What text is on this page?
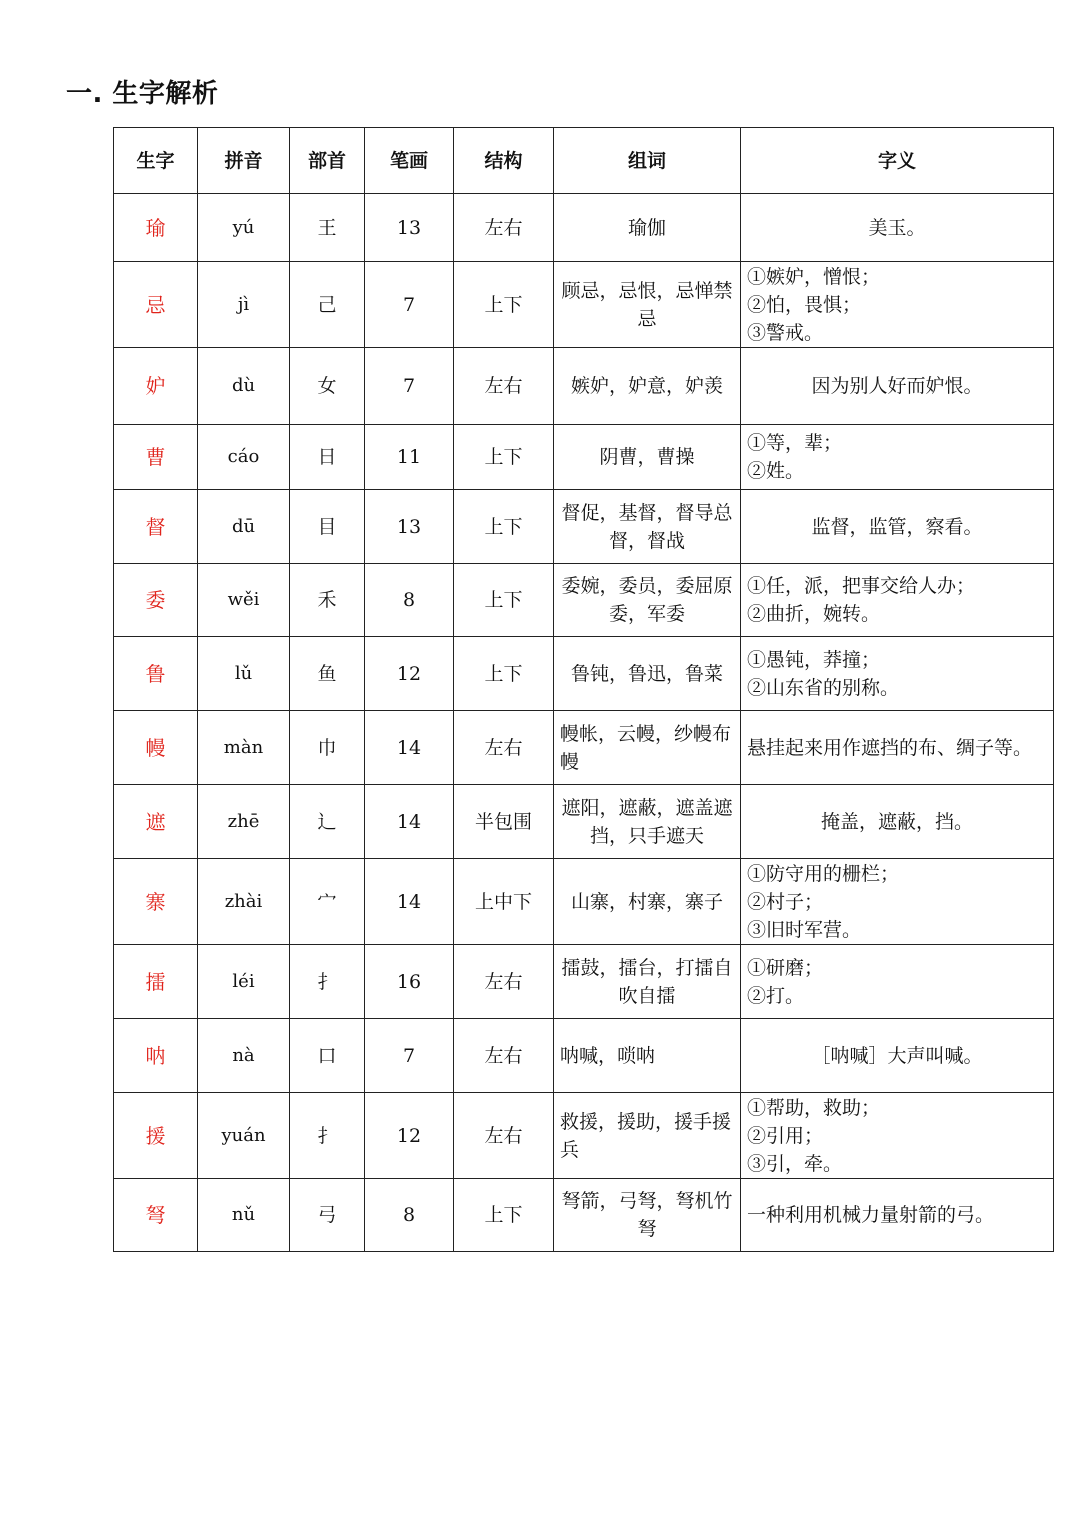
一. 生字解析
生字	拼音	部首	笔画	结构	组词	字义
瑜	yú	王	13	左右	瑜伽	美玉。

忌	jì	己	7	上下	顾忌，忌恨，忌惮禁忌	①嫉妒，憎恨；
②怕，畏惧；
③警戒。

妒	dù	女	7	左右	嫉妒，妒意，妒羡	因为别人好而妒恨。

曹	cáo	日	11	上下	阴曹，曹操	①等，辈；
②姓。

督	dū	目	13	上下	督促，基督，督导总督，督战	监督，监管，察看。

委	wěi	禾	8	上下	委婉，委员，委屈原委，军委	①任，派，把事交给人办；
②曲折，婉转。

鲁	lǔ	鱼	12	上下	鲁钝，鲁迅，鲁菜	①愚钝，莽撞；
②山东省的别称。

幔	màn	巾	14	左右	幔帐，云幔，纱幔布幔	悬挂起来用作遮挡的布、绸子等。

遮	zhē	辶	14	半包围	遮阳，遮蔽，遮盖遮挡，只手遮天	掩盖，遮蔽，挡。

寨	zhài	宀	14	上中下	山寨，村寨，寨子	①防守用的栅栏；
②村子；
③旧时军营。

擂	léi	扌	16	左右	擂鼓，擂台，打擂自吹自擂	①研磨；
②打。

呐	nà	口	7	左右	呐喊，唢呐	［呐喊］大声叫喊。

援	yuán	扌	12	左右	救援，援助，援手援兵	①帮助，救助；
②引用；
③引，牵。

弩	nǔ	弓	8	上下	弩箭，弓弩，弩机竹弩	一种利用机械力量射箭的弓。
